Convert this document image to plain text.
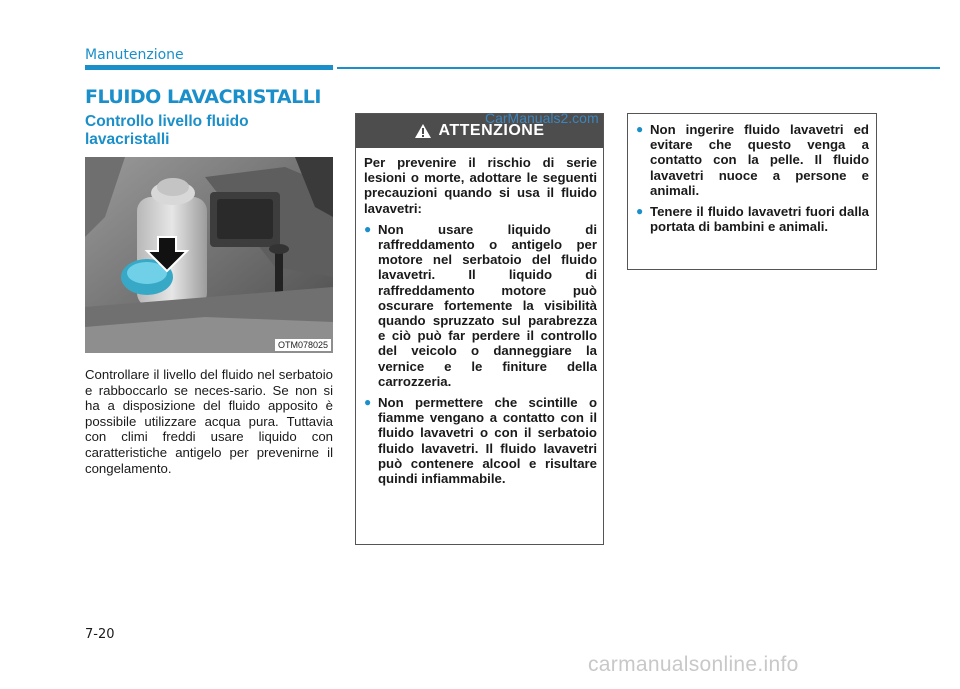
Manutenzione
FLUIDO LAVACRISTALLI
Controllo livello fluido lavacristalli
OTM078025
Controllare il livello del fluido nel serbatoio e rabboccarlo se neces-sario. Se non si ha a disposizione del fluido apposito è possibile utilizzare acqua pura. Tuttavia con climi freddi usare liquido con caratteristiche antigelo per prevenirne il congelamento.
ATTENZIONE

Per prevenire il rischio di serie lesioni o morte, adottare le seguenti precauzioni quando si usa il fluido lavavetri:

● Non usare liquido di raffreddamento o antigelo per motore nel serbatoio del fluido lavavetri. Il liquido di raffreddamento motore può oscurare fortemente la visibilità quando spruzzato sul parabrezza e ciò può far perdere il controllo del veicolo o danneggiare la vernice e le finiture della carrozzeria.
● Non permettere che scintille o fiamme vengano a contatto con il fluido lavavetri o con il serbatoio fluido lavavetri. Il fluido lavavetri può contenere alcool e risultare quindi infiammabile.
CarManuals2.com
● Non ingerire fluido lavavetri ed evitare che questo venga a contatto con la pelle. Il fluido lavavetri nuoce a persone e animali.
● Tenere il fluido lavavetri fuori dalla portata di bambini e animali.
7-20
carmanualsonline.info
